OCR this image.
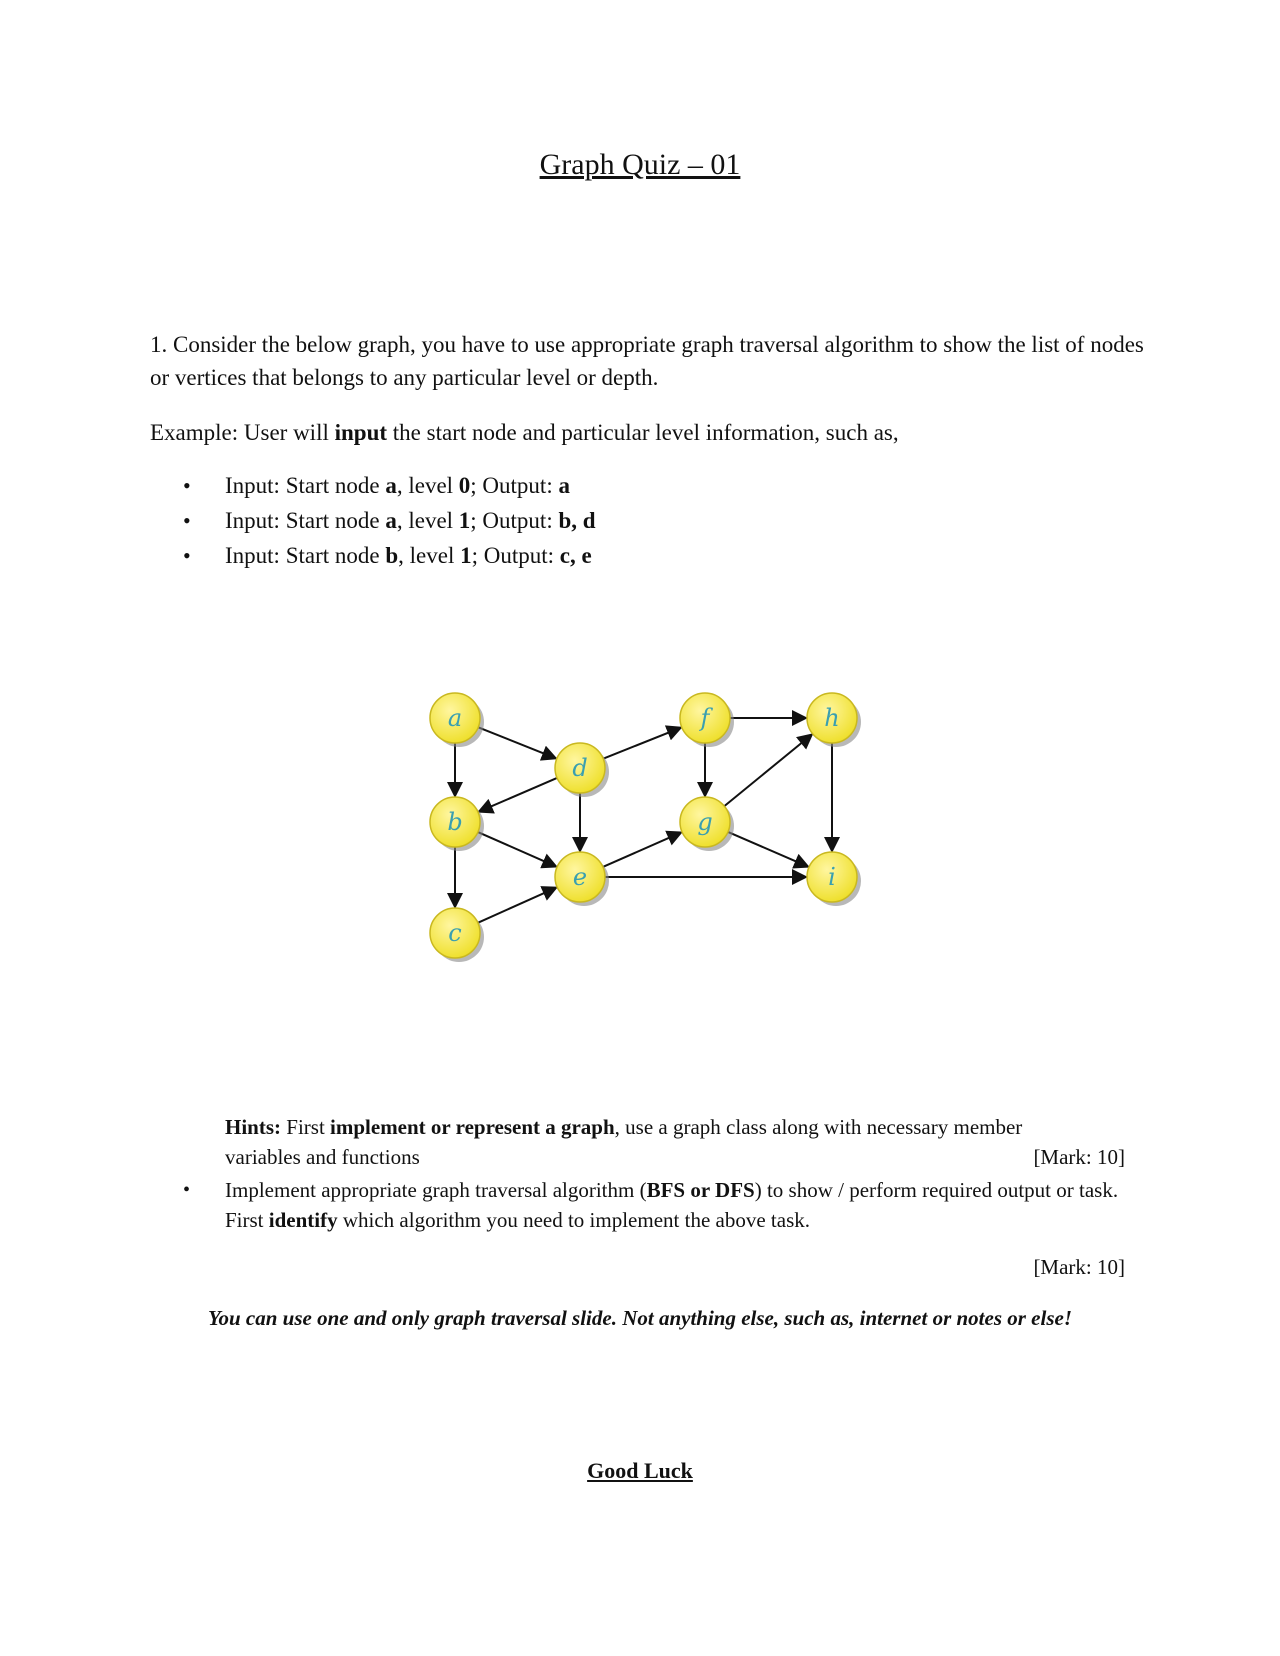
Graph Quiz – 01
1. Consider the below graph, you have to use appropriate graph traversal algorithm to show the list of nodes or vertices that belongs to any particular level or depth.
Example: User will input the start node and particular level information, such as,
• Input: Start node a, level 0; Output: a
• Input: Start node a, level 1; Output: b, d
• Input: Start node b, level 1; Output: c, e
a
b
c
d
e
f
g
h
i
Hints: First implement or represent a graph, use a graph class along with necessary member
variables and functions	[Mark: 10]
• Implement appropriate graph traversal algorithm (BFS or DFS) to show / perform required output or task. First identify which algorithm you need to implement the above task.
[Mark: 10]
You can use one and only graph traversal slide. Not anything else, such as, internet or notes or else!
Good Luck
